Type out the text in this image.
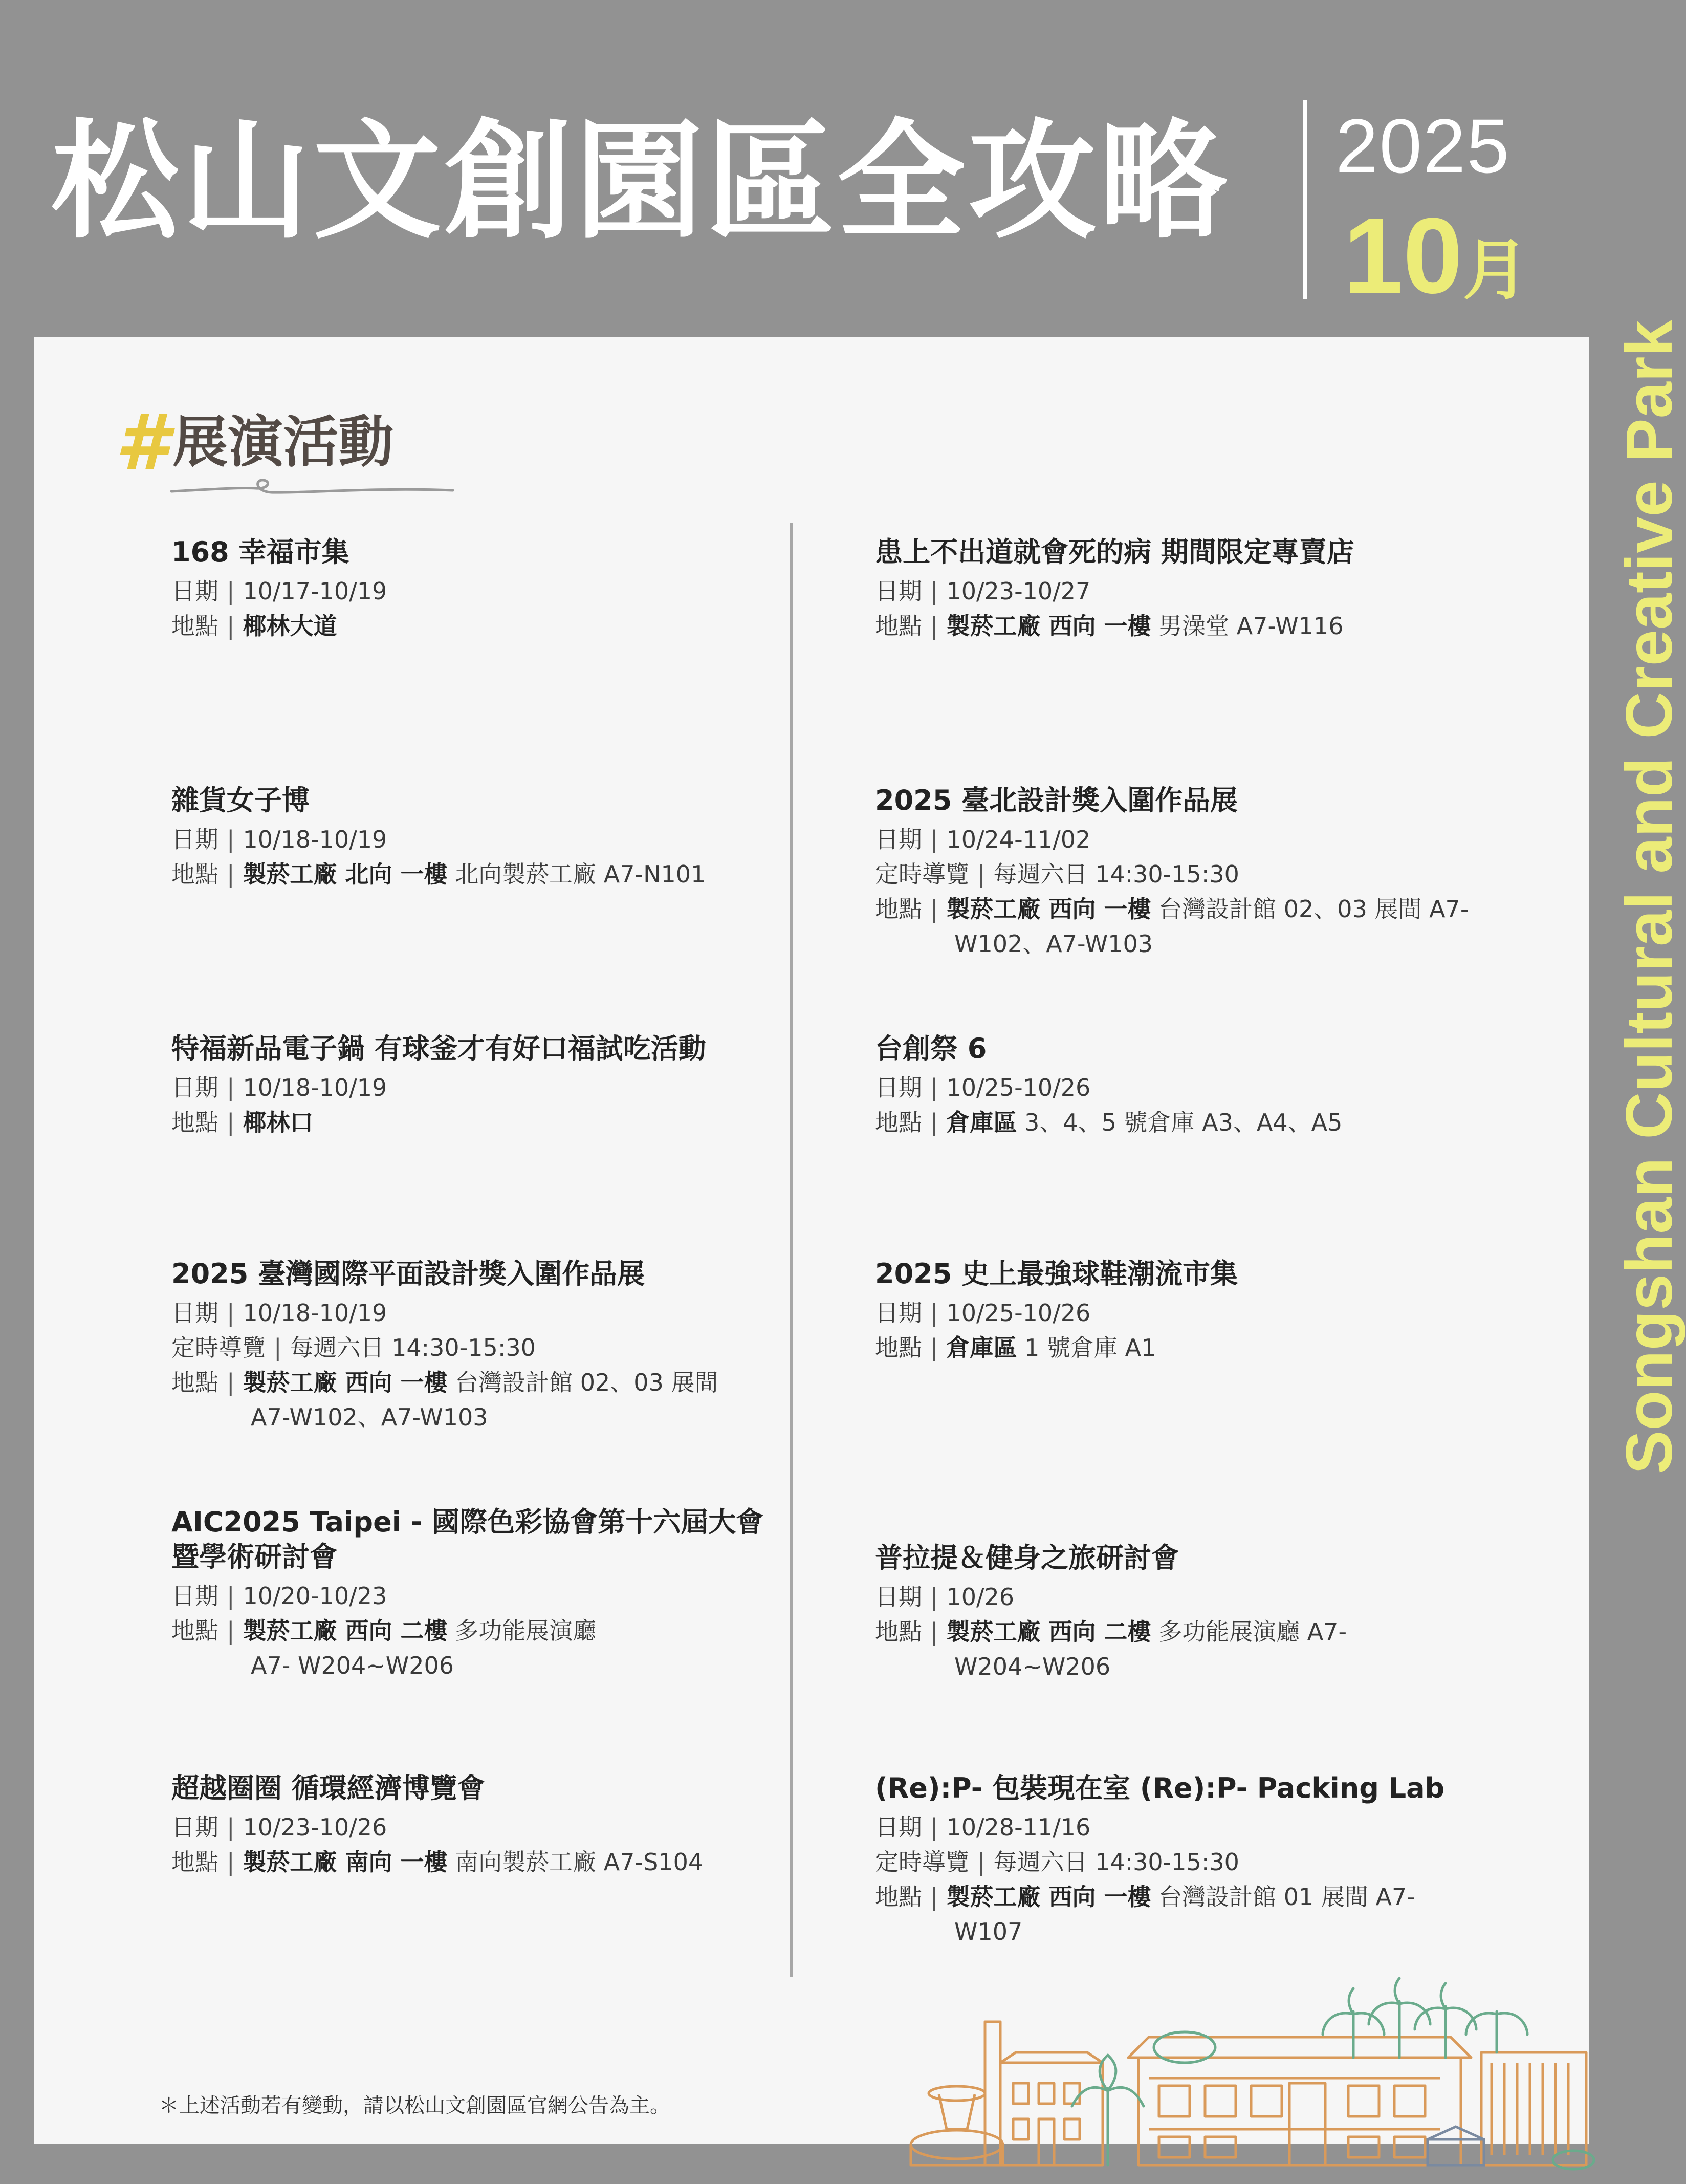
松山文創園區全攻略 2025
10月
Songshan Cultural and Creative Park
#展演活動
168 幸福市集
日期 | 10/17-10/19
地點 | 椰林大道
雜貨女子博
日期 | 10/18-10/19
地點 | 製菸工廠 北向 一樓 北向製菸工廠 A7-N101
特福新品電子鍋 有球釜才有好口福試吃活動
日期 | 10/18-10/19
地點 | 椰林口
2025 臺灣國際平面設計獎入圍作品展
日期 | 10/18-10/19
定時導覽 | 每週六日 14:30-15:30
地點 | 製菸工廠 西向 一樓 台灣設計館 02、03 展間
A7-W102、A7-W103
AIC2025 Taipei - 國際色彩協會第十六屆大會
暨學術研討會
日期 | 10/20-10/23
地點 | 製菸工廠 西向 二樓 多功能展演廳
A7- W204~W206
超越圈圈 循環經濟博覽會
日期 | 10/23-10/26
地點 | 製菸工廠 南向 一樓 南向製菸工廠 A7-S104
患上不出道就會死的病 期間限定專賣店
日期 | 10/23-10/27
地點 | 製菸工廠 西向 一樓 男澡堂 A7-W116
2025 臺北設計獎入圍作品展
日期 | 10/24-11/02
定時導覽 | 每週六日 14:30-15:30
地點 | 製菸工廠 西向 一樓 台灣設計館 02、03 展間 A7-
W102、A7-W103
台創祭 6
日期 | 10/25-10/26
地點 | 倉庫區 3、4、5 號倉庫 A3、A4、A5
2025 史上最強球鞋潮流市集
日期 | 10/25-10/26
地點 | 倉庫區 1 號倉庫 A1
普拉提＆健身之旅研討會
日期 | 10/26
地點 | 製菸工廠 西向 二樓 多功能展演廳 A7-
W204~W206
(Re):P- 包裝現在室 (Re):P- Packing Lab
日期 | 10/28-11/16
定時導覽 | 每週六日 14:30-15:30
地點 | 製菸工廠 西向 一樓 台灣設計館 01 展間 A7-
W107
＊上述活動若有變動，請以松山文創園區官網公告為主。
